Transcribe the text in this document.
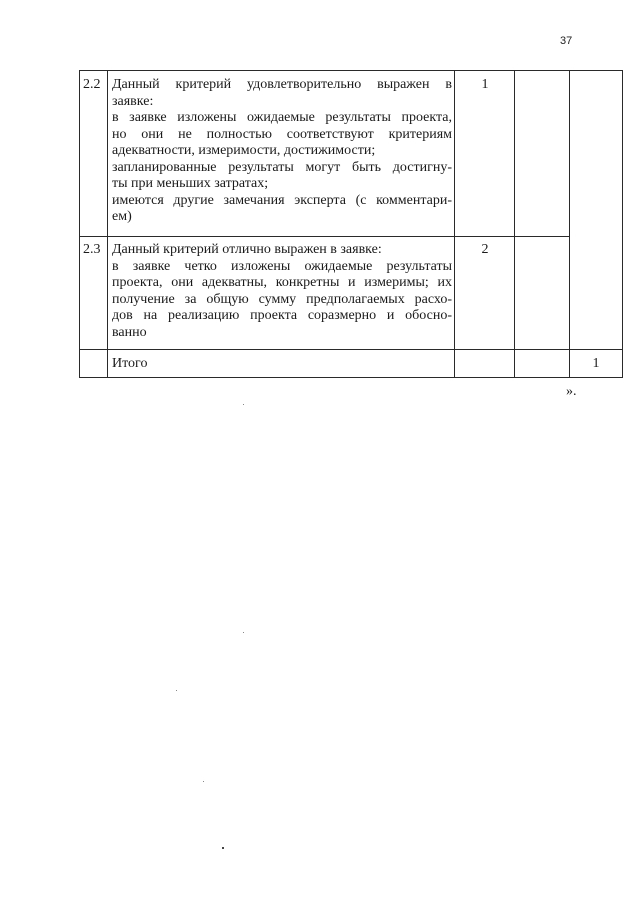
37
2.2 Данный критерий удовлетворительно выражен в
заявке:
в заявке изложены ожидаемые результаты проекта,
но они не полностью соответствуют критериям
адекватности, измеримости, достижимости;
запланированные результаты могут быть достигну-
ты при меньших затратах;
имеются другие замечания эксперта (с комментари-
ем)
1
2.3 Данный критерий отлично выражен в заявке:
в заявке четко изложены ожидаемые результаты
проекта, они адекватны, конкретны и измеримы; их
получение за общую сумму предполагаемых расхо-
дов на реализацию проекта соразмерно и обосно-
ванно
2
Итого	1
».
